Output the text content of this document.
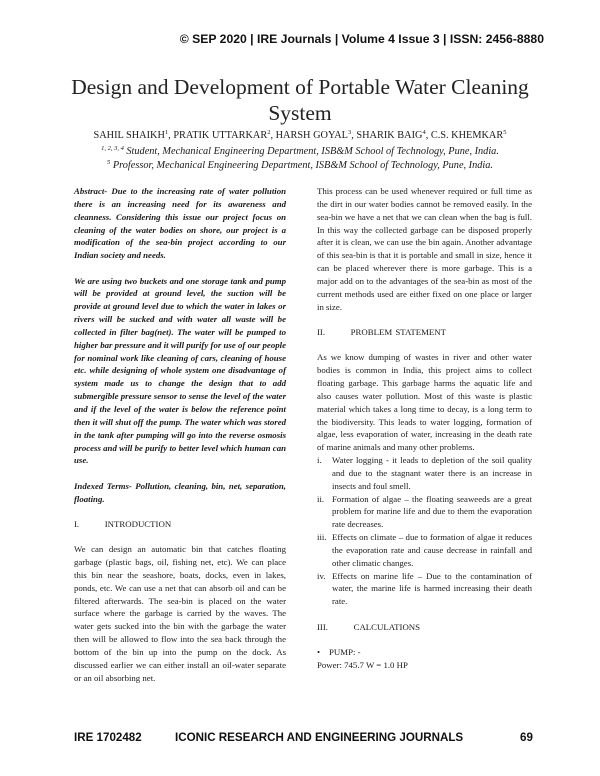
© SEP 2020 | IRE Journals | Volume 4 Issue 3 | ISSN: 2456-8880
Design and Development of Portable Water Cleaning
System
SAHIL SHAIKH$^1$, PRATIK UTTARKAR$^2$, HARSH GOYAL$^3$, SHARIK BAIG$^4$, C.S. KHEMKAR$^5$
$^{1, 2, 3, 4}$ Student, Mechanical Engineering Department, ISB&M School of Technology, Pune, India.
$^5$ Professor, Mechanical Engineering Department, ISB&M School of Technology, Pune, India.

Abstract- Due to the increasing rate of water pollution there is an increasing need for its awareness and cleanness. Considering this issue our project focus on cleaning of the water bodies on shore, our project is a modification of the sea-bin project according to our Indian society and needs.

We are using two buckets and one storage tank and pump will be provided at ground level, the suction will be provide at ground level due to which the water in lakes or rivers will be sucked and with water all waste will be collected in filter bag(net). The water will be pumped to higher bar pressure and it will purify for use of our people for nominal work like cleaning of cars, cleaning of house etc. while designing of whole system one disadvantage of system made us to change the design that to add submergible pressure sensor to sense the level of the water and if the level of the water is below the reference point then it will shut off the pump. The water which was stored in the tank after pumping will go into the reverse osmosis process and will be purify to better level which human can use.

Indexed Terms- Pollution, cleaning, bin, net, separation, floating.

I.        INTRODUCTION

We can design an automatic bin that catches floating garbage (plastic bags, oil, fishing net, etc). We can place this bin near the seashore, boats, docks, even in lakes, ponds, etc. We can use a net that can absorb oil and can be filtered afterwards. The sea-bin is placed on the water surface where the garbage is carried by the waves. The water gets sucked into the bin with the garbage the water then will be allowed to flow into the sea back through the bottom of the bin up into the pump on the dock. As discussed earlier we can either install an oil-water separate or an oil absorbing net.

This process can be used whenever required or full time as the dirt in our water bodies cannot be removed easily. In the sea-bin we have a net that we can clean when the bag is full. In this way the collected garbage can be disposed properly after it is clean, we can use the bin again. Another advantage of this sea-bin is that it is portable and small in size, hence it can be placed wherever there is more garbage. This is a major add on to the advantages of the sea-bin as most of the current methods used are either fixed on one place or larger in size.

II.        PROBLEM STATEMENT

As we know dumping of wastes in river and other water bodies is common in India, this project aims to collect floating garbage. This garbage harms the aquatic life and also causes water pollution. Most of this waste is plastic material which takes a long time to decay, is a long term to the biodiversity. This leads to water logging, formation of algae, less evaporation of water, increasing in the death rate of marine animals and many other problems.

i. Water logging - it leads to depletion of the soil quality and due to the stagnant water there is an increase in insects and foul smell.
ii. Formation of algae – the floating seaweeds are a great problem for marine life and due to them the evaporation rate decreases.
iii. Effects on climate – due to formation of algae it reduces the evaporation rate and cause decrease in rainfall and other climatic changes.
iv. Effects on marine life – Due to the contamination of water, the marine life is harmed increasing their death rate.

III.        CALCULATIONS

• PUMP: -

Power: 745.7 W = 1.0 HP

IRE 1702482	ICONIC RESEARCH AND ENGINEERING JOURNALS	69
